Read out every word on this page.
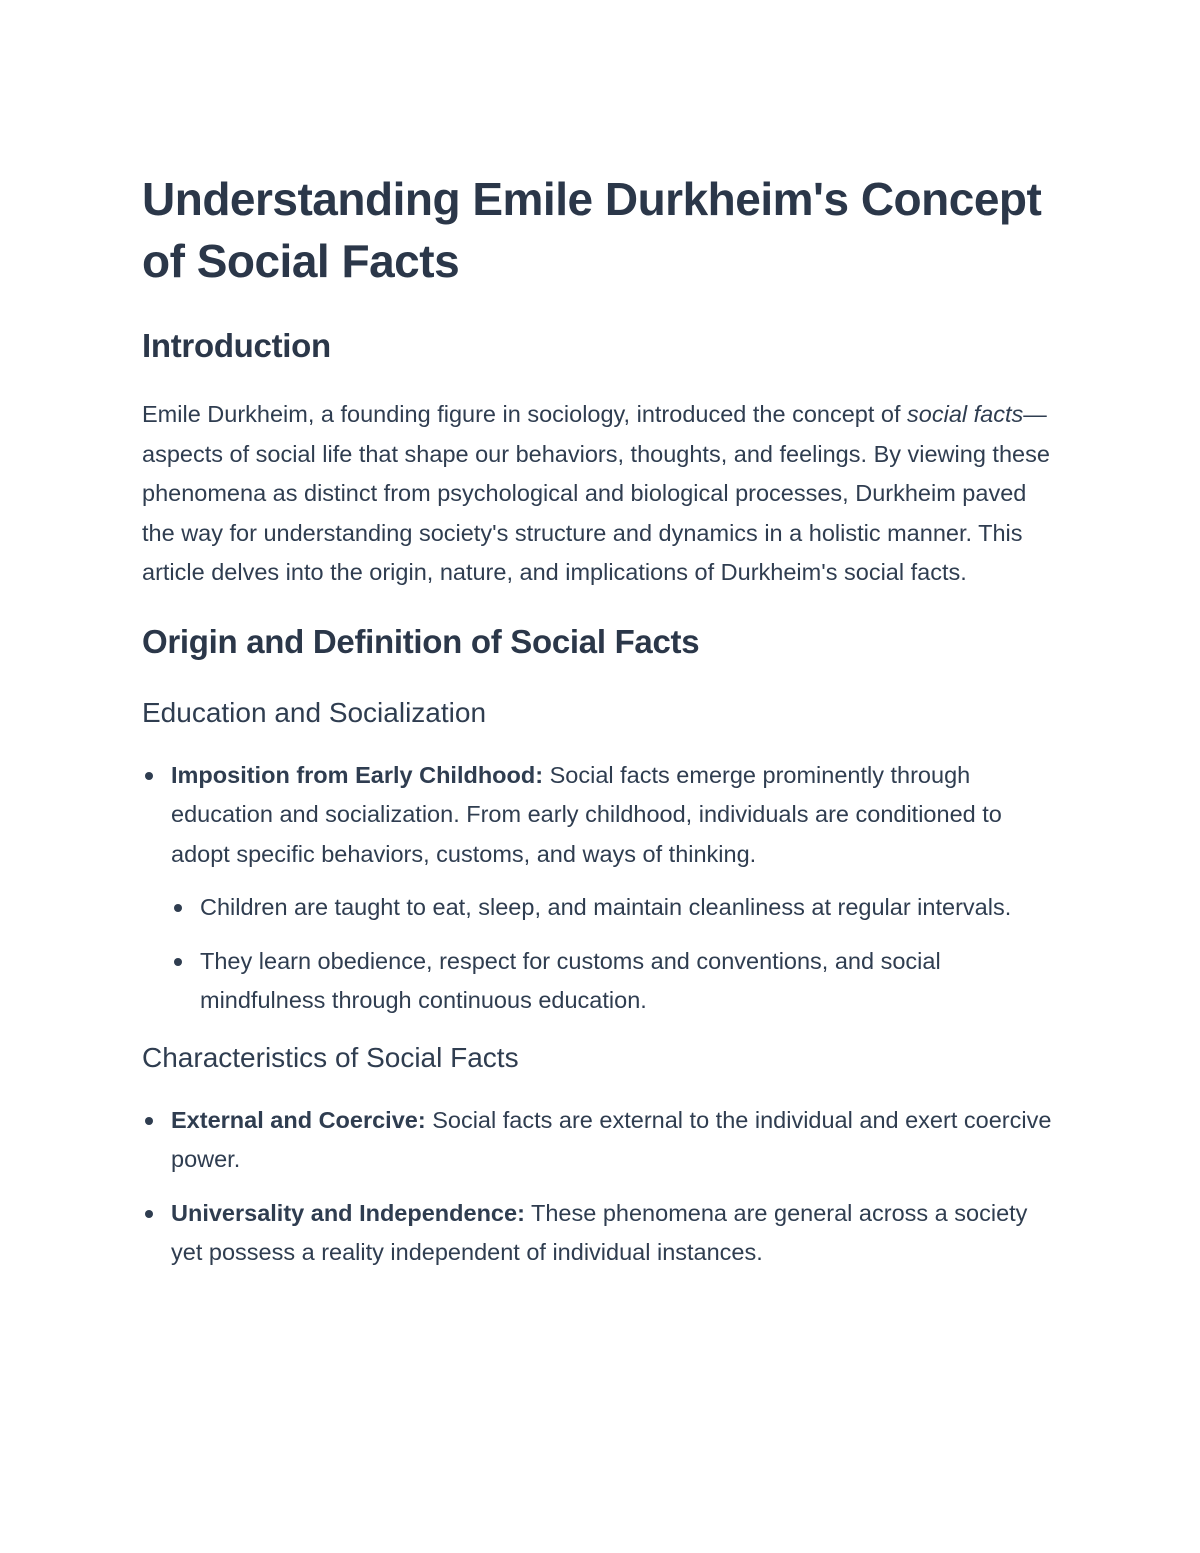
Understanding Emile Durkheim's Concept of Social Facts
Introduction

Emile Durkheim, a founding figure in sociology, introduced the concept of social facts—aspects of social life that shape our behaviors, thoughts, and feelings. By viewing these phenomena as distinct from psychological and biological processes, Durkheim paved the way for understanding society's structure and dynamics in a holistic manner. This article delves into the origin, nature, and implications of Durkheim's social facts.

Origin and Definition of Social Facts
Education and Socialization
Imposition from Early Childhood: Social facts emerge prominently through education and socialization. From early childhood, individuals are conditioned to adopt specific behaviors, customs, and ways of thinking.
Children are taught to eat, sleep, and maintain cleanliness at regular intervals.
They learn obedience, respect for customs and conventions, and social mindfulness through continuous education.
Characteristics of Social Facts
External and Coercive: Social facts are external to the individual and exert coercive power.
Universality and Independence: These phenomena are general across a society yet possess a reality independent of individual instances.
